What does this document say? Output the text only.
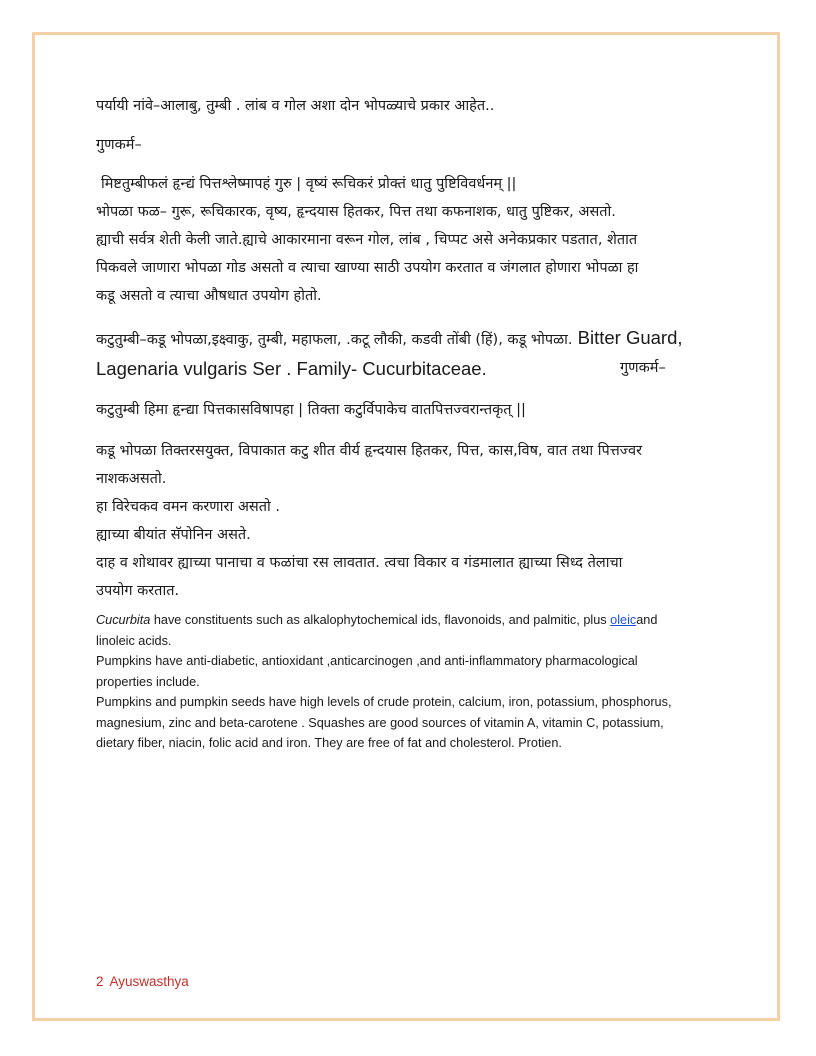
पर्यायी नांवे–आलाबु, तुम्बी . लांब व गोल अशा दोन भोपळ्याचे प्रकार आहेत..

गुणकर्म–

मिष्टतुम्बीफलं हृन्द्यं पित्तश्लेष्मापहं गुरु | वृष्यं रूचिकरं प्रोक्तं धातु पुष्टिविवर्धनम् ||

भोपळा फळ– गुरू, रूचिकारक, वृष्य, हृन्दयास हितकर, पित्त तथा कफनाशक, धातु पुष्टिकर, असतो.

ह्याची सर्वत्र शेती केली जाते.ह्याचे आकारमाना वरून गोल, लांब , चिप्पट असे अनेकप्रकार पडतात, शेतात

पिकवले जाणारा भोपळा गोड असतो व त्याचा खाण्या साठी उपयोग करतात व जंगलात होणारा भोपळा हा

कडू असतो व त्याचा औषधात उपयोग होतो.

कटुतुम्बी–कडू भोपळा,इक्ष्वाकु, तुम्बी, महाफला, .कटू लौकी, कडवी तोंबी (हिं), कडू भोपळा. Bitter Guard,

Lagenaria vulgaris Ser . Family- Cucurbitaceae.	गुणकर्म–

कटुतुम्बी हिमा हृन्द्या पित्तकासविषापहा | तिक्ता कटुर्विपाकेच वातपित्तज्वरान्तकृत् ||

कडू भोपळा तिक्तरसयुक्त, विपाकात कटु शीत वीर्य हृन्दयास हितकर, पित्त, कास,विष, वात तथा पित्तज्वर

नाशकअसतो.

हा विरेचकव वमन करणारा असतो .

ह्याच्या बीयांत सॅपोनिन असते.

दाह व शोथावर ह्याच्या पानाचा व फळांचा रस लावतात. त्वचा विकार व गंडमालात ह्याच्या सिध्द तेलाचा

उपयोग करतात.

Cucurbita have constituents such as alkalophytochemical ids, flavonoids, and palmitic, plus oleicand

linoleic acids.

Pumpkins have anti-diabetic, antioxidant ,anticarcinogen ,and anti-inflammatory pharmacological

properties include.

Pumpkins and pumpkin seeds have high levels of crude protein, calcium, iron, potassium, phosphorus,

magnesium, zinc and beta-carotene . Squashes are good sources of vitamin A, vitamin C, potassium,

dietary fiber, niacin, folic acid and iron. They are free of fat and cholesterol. Protien.

2 Ayuswasthya
